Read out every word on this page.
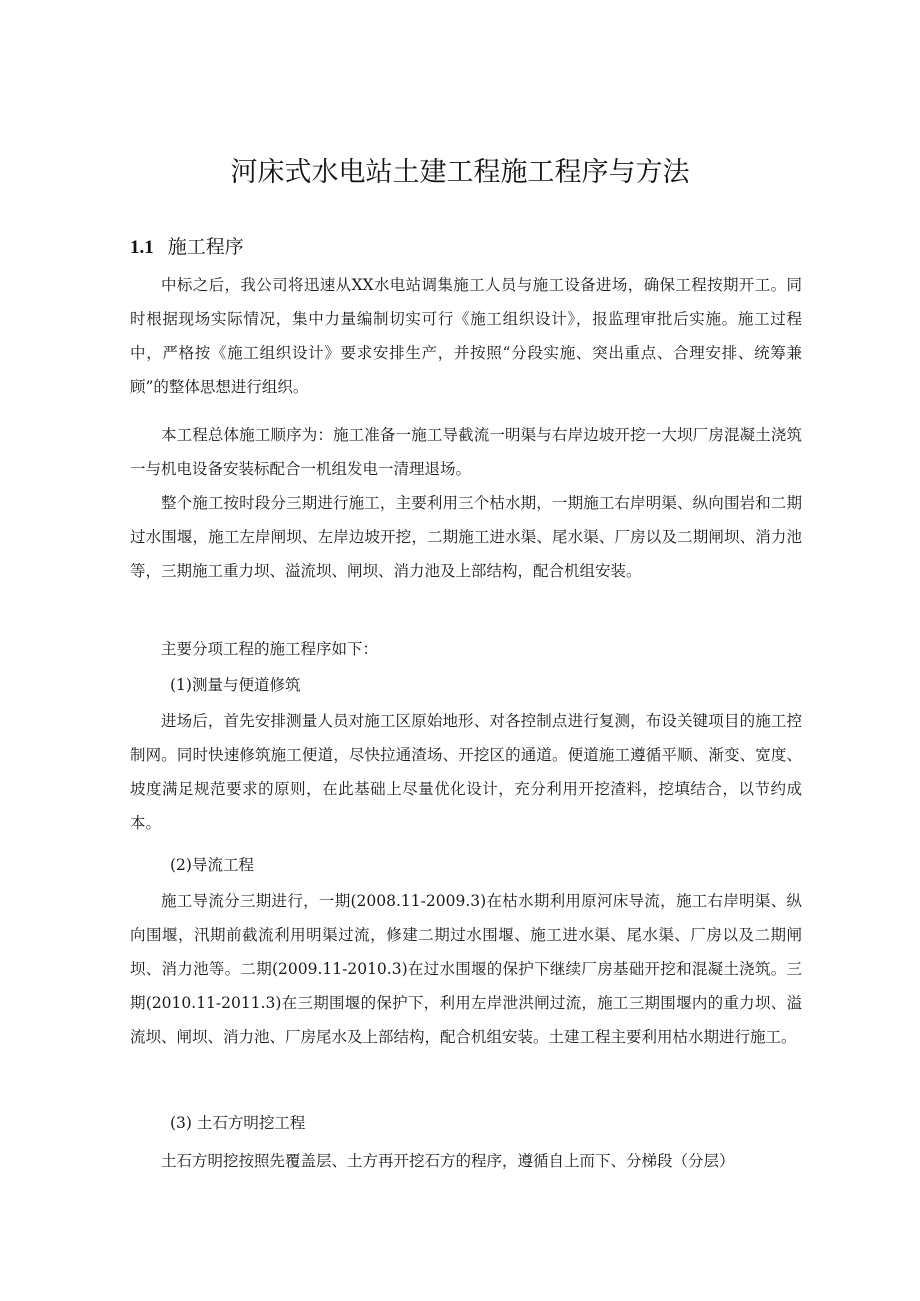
河床式水电站土建工程施工程序与方法
1.1 施工程序

中标之后，我公司将迅速从XX水电站调集施工人员与施工设备进场，确保工程按期开工。同时根据现场实际情况，集中力量编制切实可行《施工组织设计》，报监理审批后实施。施工过程中，严格按《施工组织设计》要求安排生产，并按照“分段实施、突出重点、合理安排、统筹兼顾”的整体思想进行组织。

本工程总体施工顺序为：施工准备一施工导截流一明渠与右岸边坡开挖一大坝厂房混凝土浇筑一与机电设备安装标配合一机组发电一清理退场。

整个施工按时段分三期进行施工，主要利用三个枯水期，一期施工右岸明渠、纵向围岩和二期过水围堰，施工左岸闸坝、左岸边坡开挖，二期施工进水渠、尾水渠、厂房以及二期闸坝、消力池等，三期施工重力坝、溢流坝、闸坝、消力池及上部结构，配合机组安装。

主要分项工程的施工程序如下：

(1)测量与便道修筑

进场后，首先安排测量人员对施工区原始地形、对各控制点进行复测，布设关键项目的施工控制网。同时快速修筑施工便道，尽快拉通渣场、开挖区的通道。便道施工遵循平顺、渐变、宽度、坡度满足规范要求的原则，在此基础上尽量优化设计，充分利用开挖渣料，挖填结合，以节约成本。

(2)导流工程

施工导流分三期进行，一期(2008.11-2009.3)在枯水期利用原河床导流，施工右岸明渠、纵向围堰，汛期前截流利用明渠过流，修建二期过水围堰、施工进水渠、尾水渠、厂房以及二期闸坝、消力池等。二期(2009.11-2010.3)在过水围堰的保护下继续厂房基础开挖和混凝土浇筑。三期(2010.11-2011.3)在三期围堰的保护下，利用左岸泄洪闸过流，施工三期围堰内的重力坝、溢流坝、闸坝、消力池、厂房尾水及上部结构，配合机组安装。土建工程主要利用枯水期进行施工。

(3) 土石方明挖工程

土石方明挖按照先覆盖层、土方再开挖石方的程序，遵循自上而下、分梯段（分层）
